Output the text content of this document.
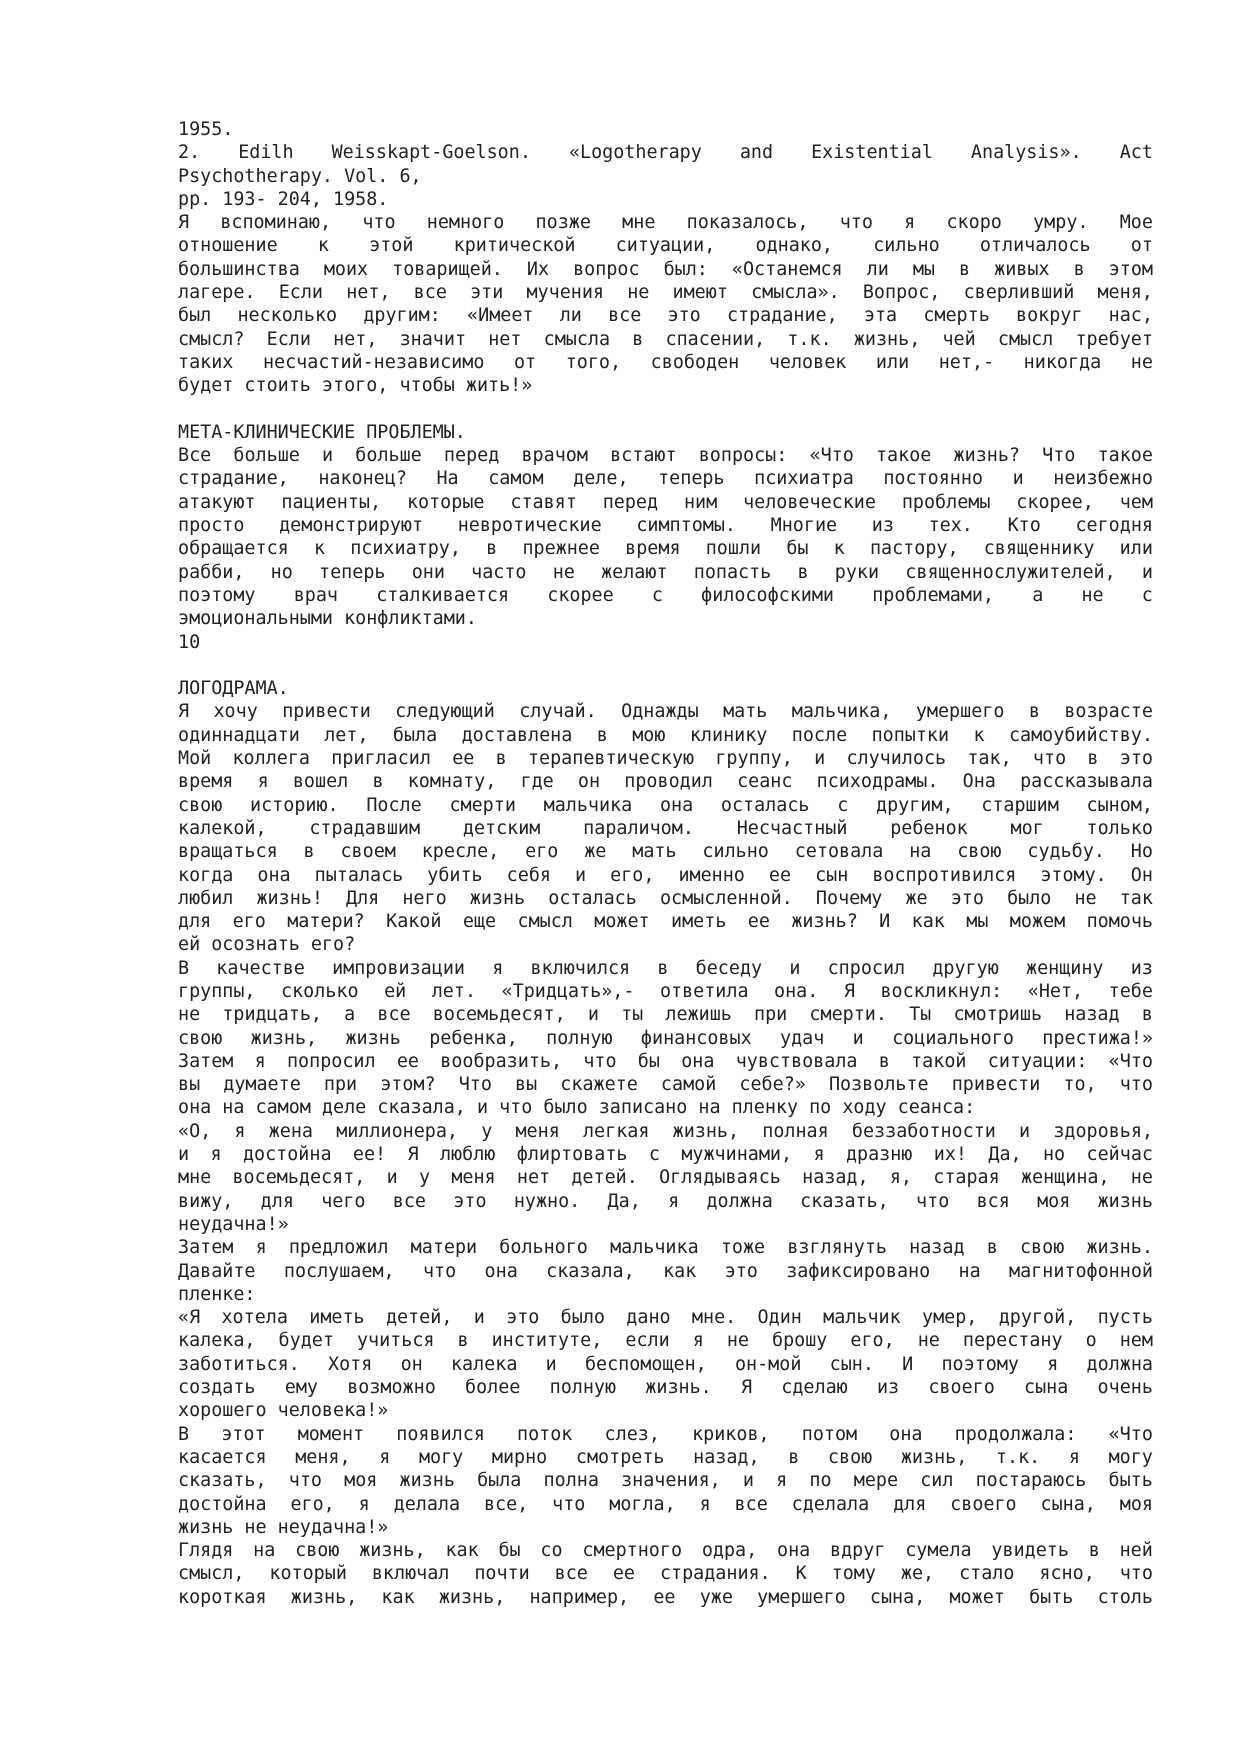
1955.
2. Edilh Weisskapt-Goelson. «Logotherapy and Existential Analysis». Act
Psychotherapy. Vol. 6,
pp. 193- 204, 1958.
Я вспоминаю, что немного позже мне показалось, что я скоро умру. Мое
отношение к этой критической ситуации, однако, сильно отличалось от
большинства моих товарищей. Их вопрос был: «Останемся ли мы в живых в этом
лагере. Если нет, все эти мучения не имеют смысла». Вопрос, сверливший меня,
был несколько другим: «Имеет ли все это страдание, эта смерть вокруг нас,
смысл? Если нет, значит нет смысла в спасении, т.к. жизнь, чей смысл требует
таких несчастий-независимо от того, свободен человек или нет,- никогда не
будет стоить этого, чтобы жить!»
МЕТА-КЛИНИЧЕСКИЕ ПРОБЛЕМЫ.
Все больше и больше перед врачом встают вопросы: «Что такое жизнь? Что такое
страдание, наконец? На самом деле, теперь психиатра постоянно и неизбежно
атакуют пациенты, которые ставят перед ним человеческие проблемы скорее, чем
просто демонстрируют невротические симптомы. Многие из тех. Кто сегодня
обращается к психиатру, в прежнее время пошли бы к пастору, священнику или
рабби, но теперь они часто не желают попасть в руки священнослужителей, и
поэтому врач сталкивается скорее с философскими проблемами, а не с
эмоциональными конфликтами.
10
ЛОГОДРАМА.
Я хочу привести следующий случай. Однажды мать мальчика, умершего в возрасте
одиннадцати лет, была доставлена в мою клинику после попытки к самоубийству.
Мой коллега пригласил ее в терапевтическую группу, и случилось так, что в это
время я вошел в комнату, где он проводил сеанс психодрамы. Она рассказывала
свою историю. После смерти мальчика она осталась с другим, старшим сыном,
калекой, страдавшим детским параличом. Несчастный ребенок мог только
вращаться в своем кресле, его же мать сильно сетовала на свою судьбу. Но
когда она пыталась убить себя и его, именно ее сын воспротивился этому. Он
любил жизнь! Для него жизнь осталась осмысленной. Почему же это было не так
для его матери? Какой еще смысл может иметь ее жизнь? И как мы можем помочь
ей осознать его?
В качестве импровизации я включился в беседу и спросил другую женщину из
группы, сколько ей лет. «Тридцать»,- ответила она. Я воскликнул: «Нет, тебе
не тридцать, а все восемьдесят, и ты лежишь при смерти. Ты смотришь назад в
свою жизнь, жизнь ребенка, полную финансовых удач и социального престижа!»
Затем я попросил ее вообразить, что бы она чувствовала в такой ситуации: «Что
вы думаете при этом? Что вы скажете самой себе?» Позвольте привести то, что
она на самом деле сказала, и что было записано на пленку по ходу сеанса:
«О, я жена миллионера, у меня легкая жизнь, полная беззаботности и здоровья,
и я достойна ее! Я люблю флиртовать с мужчинами, я дразню их! Да, но сейчас
мне восемьдесят, и у меня нет детей. Оглядываясь назад, я, старая женщина, не
вижу, для чего все это нужно. Да, я должна сказать, что вся моя жизнь
неудачна!»
Затем я предложил матери больного мальчика тоже взглянуть назад в свою жизнь.
Давайте послушаем, что она сказала, как это зафиксировано на магнитофонной
пленке:
«Я хотела иметь детей, и это было дано мне. Один мальчик умер, другой, пусть
калека, будет учиться в институте, если я не брошу его, не перестану о нем
заботиться. Хотя он калека и беспомощен, он-мой сын. И поэтому я должна
создать ему возможно более полную жизнь. Я сделаю из своего сына очень
хорошего человека!»
В этот момент появился поток слез, криков, потом она продолжала: «Что
касается меня, я могу мирно смотреть назад, в свою жизнь, т.к. я могу
сказать, что моя жизнь была полна значения, и я по мере сил постараюсь быть
достойна его, я делала все, что могла, я все сделала для своего сына, моя
жизнь не неудачна!»
Глядя на свою жизнь, как бы со смертного одра, она вдруг сумела увидеть в ней
смысл, который включал почти все ее страдания. К тому же, стало ясно, что
короткая жизнь, как жизнь, например, ее уже умершего сына, может быть столь
